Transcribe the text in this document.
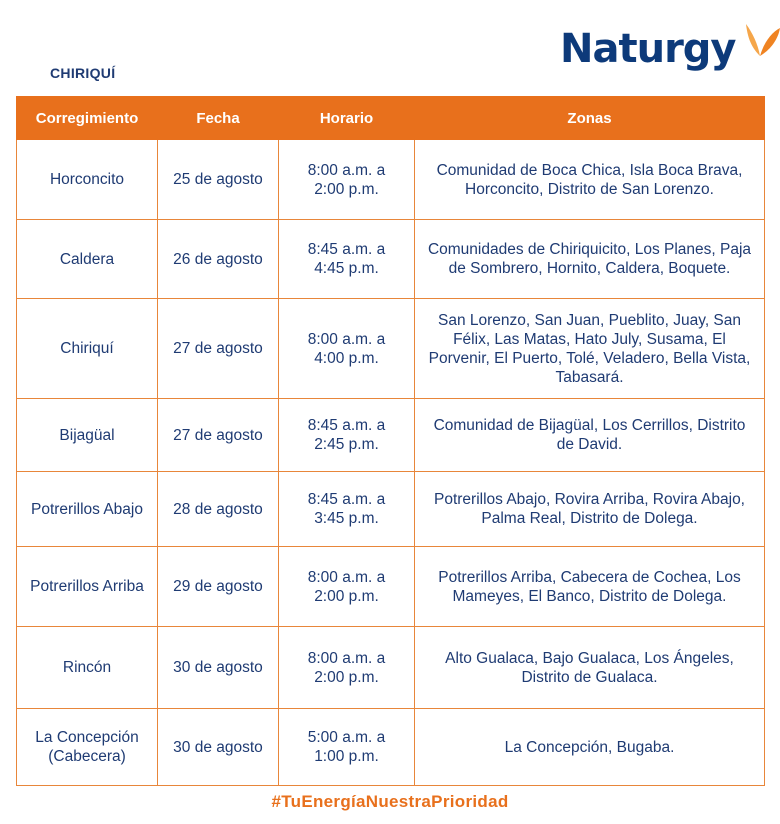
Naturgy
CHIRIQUÍ
Corregimiento	Fecha	Horario	Zonas
Horconcito	25 de agosto	8:00 a.m. a 2:00 p.m.	Comunidad de Boca Chica, Isla Boca Brava, Horconcito, Distrito de San Lorenzo.
Caldera	26 de agosto	8:45 a.m. a 4:45 p.m.	Comunidades de Chiriquicito, Los Planes, Paja de Sombrero, Hornito, Caldera, Boquete.
Chiriquí	27 de agosto	8:00 a.m. a 4:00 p.m.	San Lorenzo, San Juan, Pueblito, Juay, San Félix, Las Matas, Hato July, Susama, El Porvenir, El Puerto, Tolé, Veladero, Bella Vista, Tabasará.
Bijagüal	27 de agosto	8:45 a.m. a 2:45 p.m.	Comunidad de Bijagüal, Los Cerrillos, Distrito de David.
Potrerillos Abajo	28 de agosto	8:45 a.m. a 3:45 p.m.	Potrerillos Abajo, Rovira Arriba, Rovira Abajo, Palma Real, Distrito de Dolega.
Potrerillos Arriba	29 de agosto	8:00 a.m. a 2:00 p.m.	Potrerillos Arriba, Cabecera de Cochea, Los Mameyes, El Banco, Distrito de Dolega.
Rincón	30 de agosto	8:00 a.m. a 2:00 p.m.	Alto Gualaca, Bajo Gualaca, Los Ángeles, Distrito de Gualaca.
La Concepción (Cabecera)	30 de agosto	5:00 a.m. a 1:00 p.m.	La Concepción, Bugaba.
#TuEnergíaNuestraPrioridad
